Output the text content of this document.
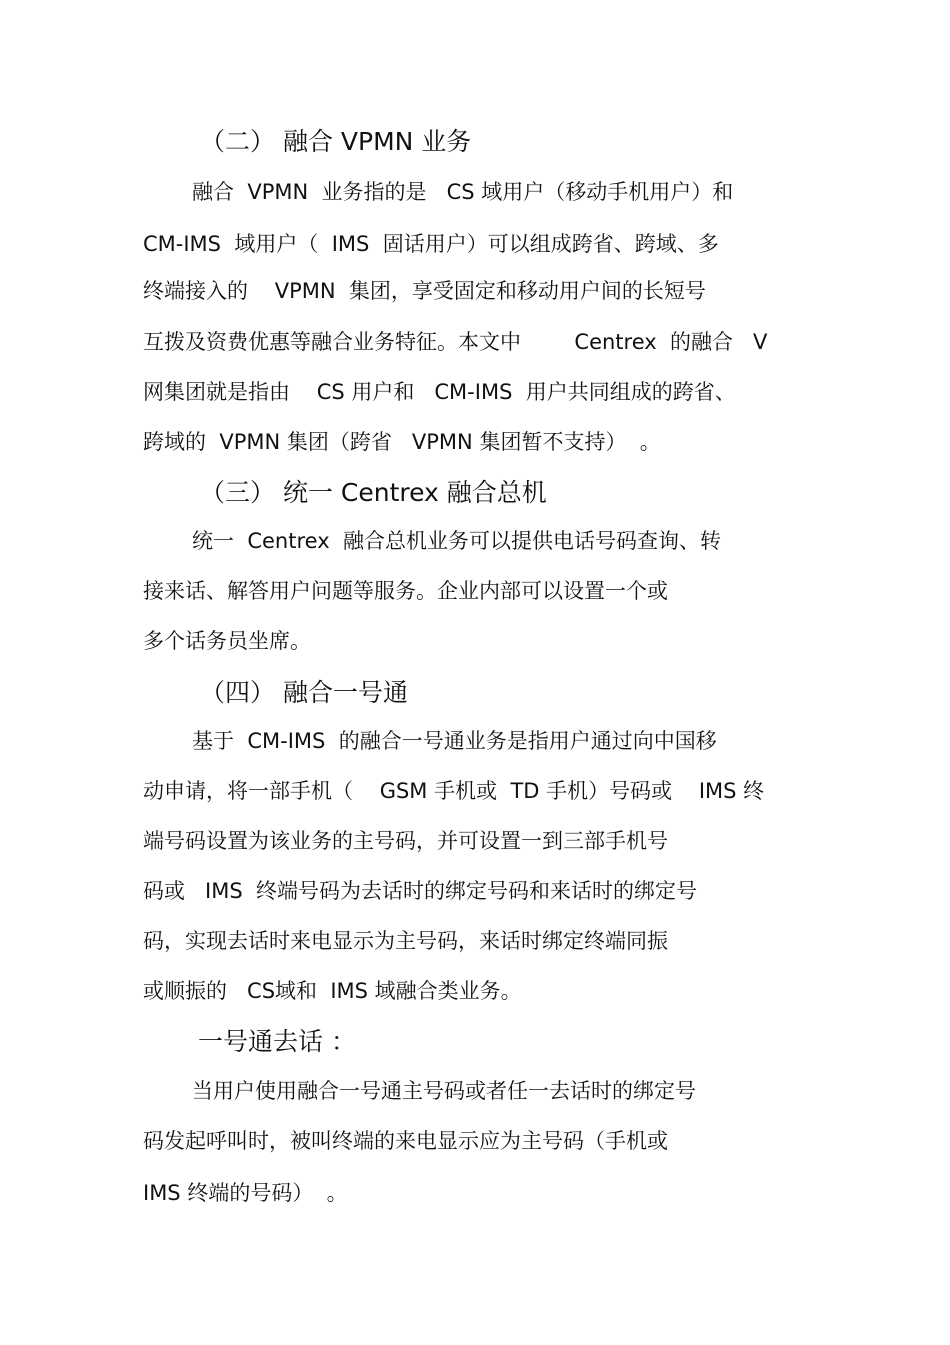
（二） 融合 VPMN 业务
融合  VPMN  业务指的是   CS 域用户（移动手机用户）和
CM-IMS  域用户（  IMS  固话用户）可以组成跨省、跨域、多
终端接入的    VPMN  集团，享受固定和移动用户间的长短号
互拨及资费优惠等融合业务特征。本文中        Centrex  的融合   V
网集团就是指由    CS 用户和   CM-IMS  用户共同组成的跨省、
跨域的  VPMN 集团（跨省   VPMN 集团暂不支持）  。
（三） 统一 Centrex 融合总机
统一  Centrex  融合总机业务可以提供电话号码查询、转
接来话、解答用户问题等服务。企业内部可以设置一个或
多个话务员坐席。
（四） 融合一号通
基于  CM-IMS  的融合一号通业务是指用户通过向中国移
动申请，将一部手机（    GSM 手机或  TD 手机）号码或    IMS 终
端号码设置为该业务的主号码，并可设置一到三部手机号
码或   IMS  终端号码为去话时的绑定号码和来话时的绑定号
码，实现去话时来电显示为主号码，来话时绑定终端同振
或顺振的   CS域和  IMS 域融合类业务。
一号通去话 ：
当用户使用融合一号通主号码或者任一去话时的绑定号
码发起呼叫时，被叫终端的来电显示应为主号码（手机或
IMS 终端的号码）  。
